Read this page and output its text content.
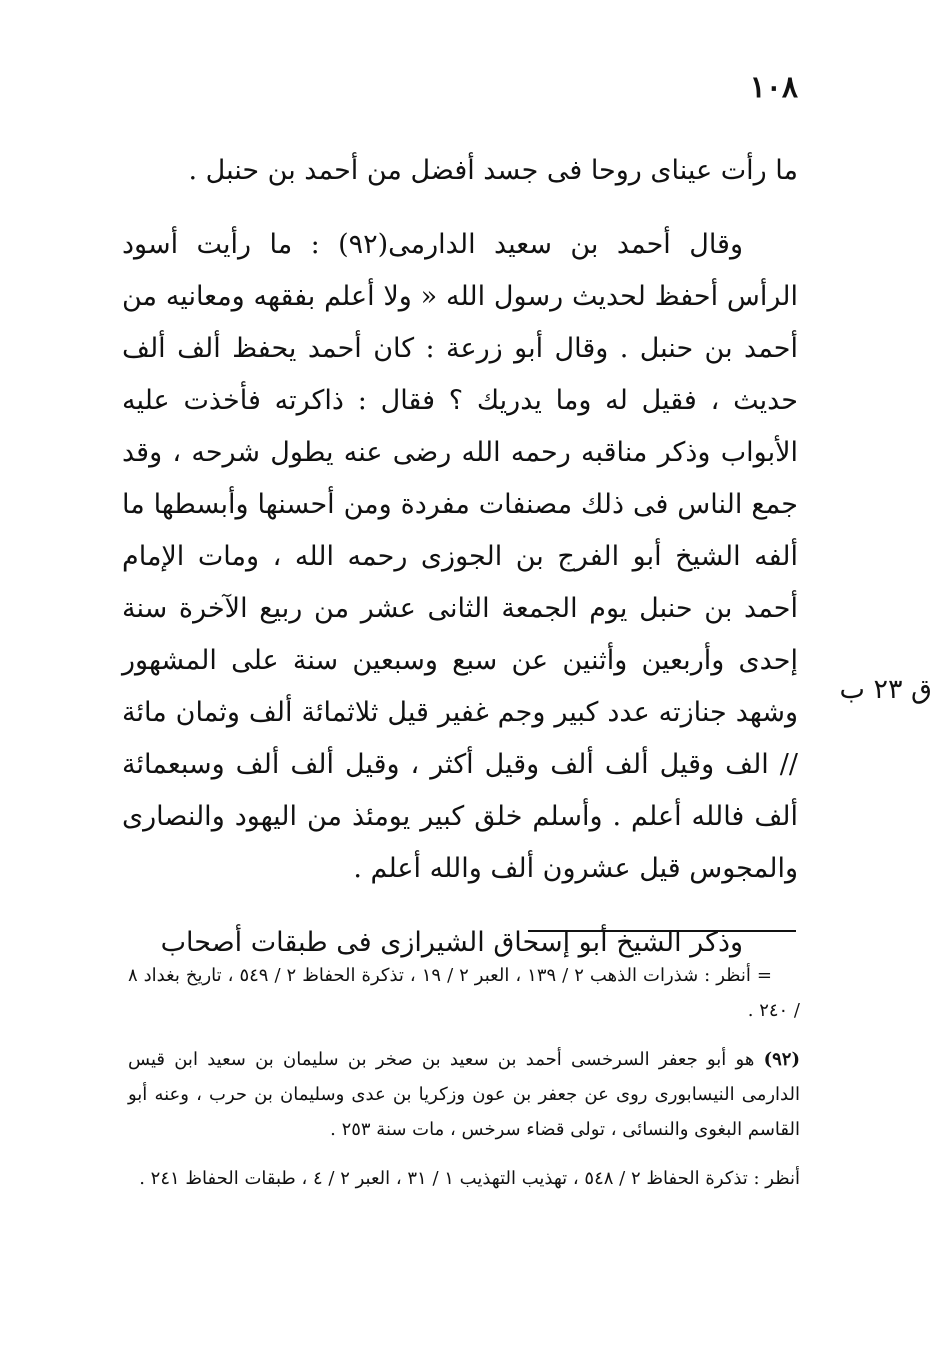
١٠٨

ما رأت عيناى روحا فى جسد أفضل من أحمد بن حنبل .

وقال أحمد بن سعيد الدارمى(٩٢) : ما رأيت أسود الرأس أحفظ لحديث رسول الله « ولا أعلم بفقهه ومعانيه من أحمد بن حنبل . وقال أبو زرعة : كان أحمد يحفظ ألف ألف حديث ، فقيل له وما يدريك ؟ فقال : ذاكرته فأخذت عليه الأبواب وذكر مناقبه رحمه الله رضى عنه يطول شرحه ، وقد جمع الناس فى ذلك مصنفات مفردة ومن أحسنها وأبسطها ما ألفه الشيخ أبو الفرج بن الجوزى رحمه الله ، ومات الإمام أحمد بن حنبل يوم الجمعة الثانى عشر من ربيع الآخرة سنة إحدى وأربعين وأثنين عن سبع وسبعين سنة على المشهور وشهد جنازته عدد كبير وجم غفير قيل ثلاثمائة ألف وثمان مائة // الف وقيل ألف ألف وقيل أكثر ، وقيل ألف ألف وسبعمائة ألف فالله أعلم . وأسلم خلق كبير يومئذ من اليهود والنصارى والمجوس قيل عشرون ألف والله أعلم .

وذكر الشيخ أبو إسحاق الشيرازى فى طبقات أصحاب

ق ٢٣ ب

= أنظر : شذرات الذهب ٢ / ١٣٩ ، العبر ٢ / ١٩ ، تذكرة الحفاظ ٢ / ٥٤٩ ، تاريخ بغداد ٨ / ٢٤٠ .

(٩٢) هو أبو جعفر السرخسى أحمد بن سعيد بن صخر بن سليمان بن سعيد ابن قيس الدارمى النيسابورى روى عن جعفر بن عون وزكريا بن عدى وسليمان بن حرب ، وعنه أبو القاسم البغوى والنسائى ، تولى قضاء سرخس ، مات سنة ٢٥٣ .

أنظر : تذكرة الحفاظ ٢ / ٥٤٨ ، تهذيب التهذيب ١ / ٣١ ، العبر ٢ / ٤ ، طبقات الحفاظ ٢٤١ .
